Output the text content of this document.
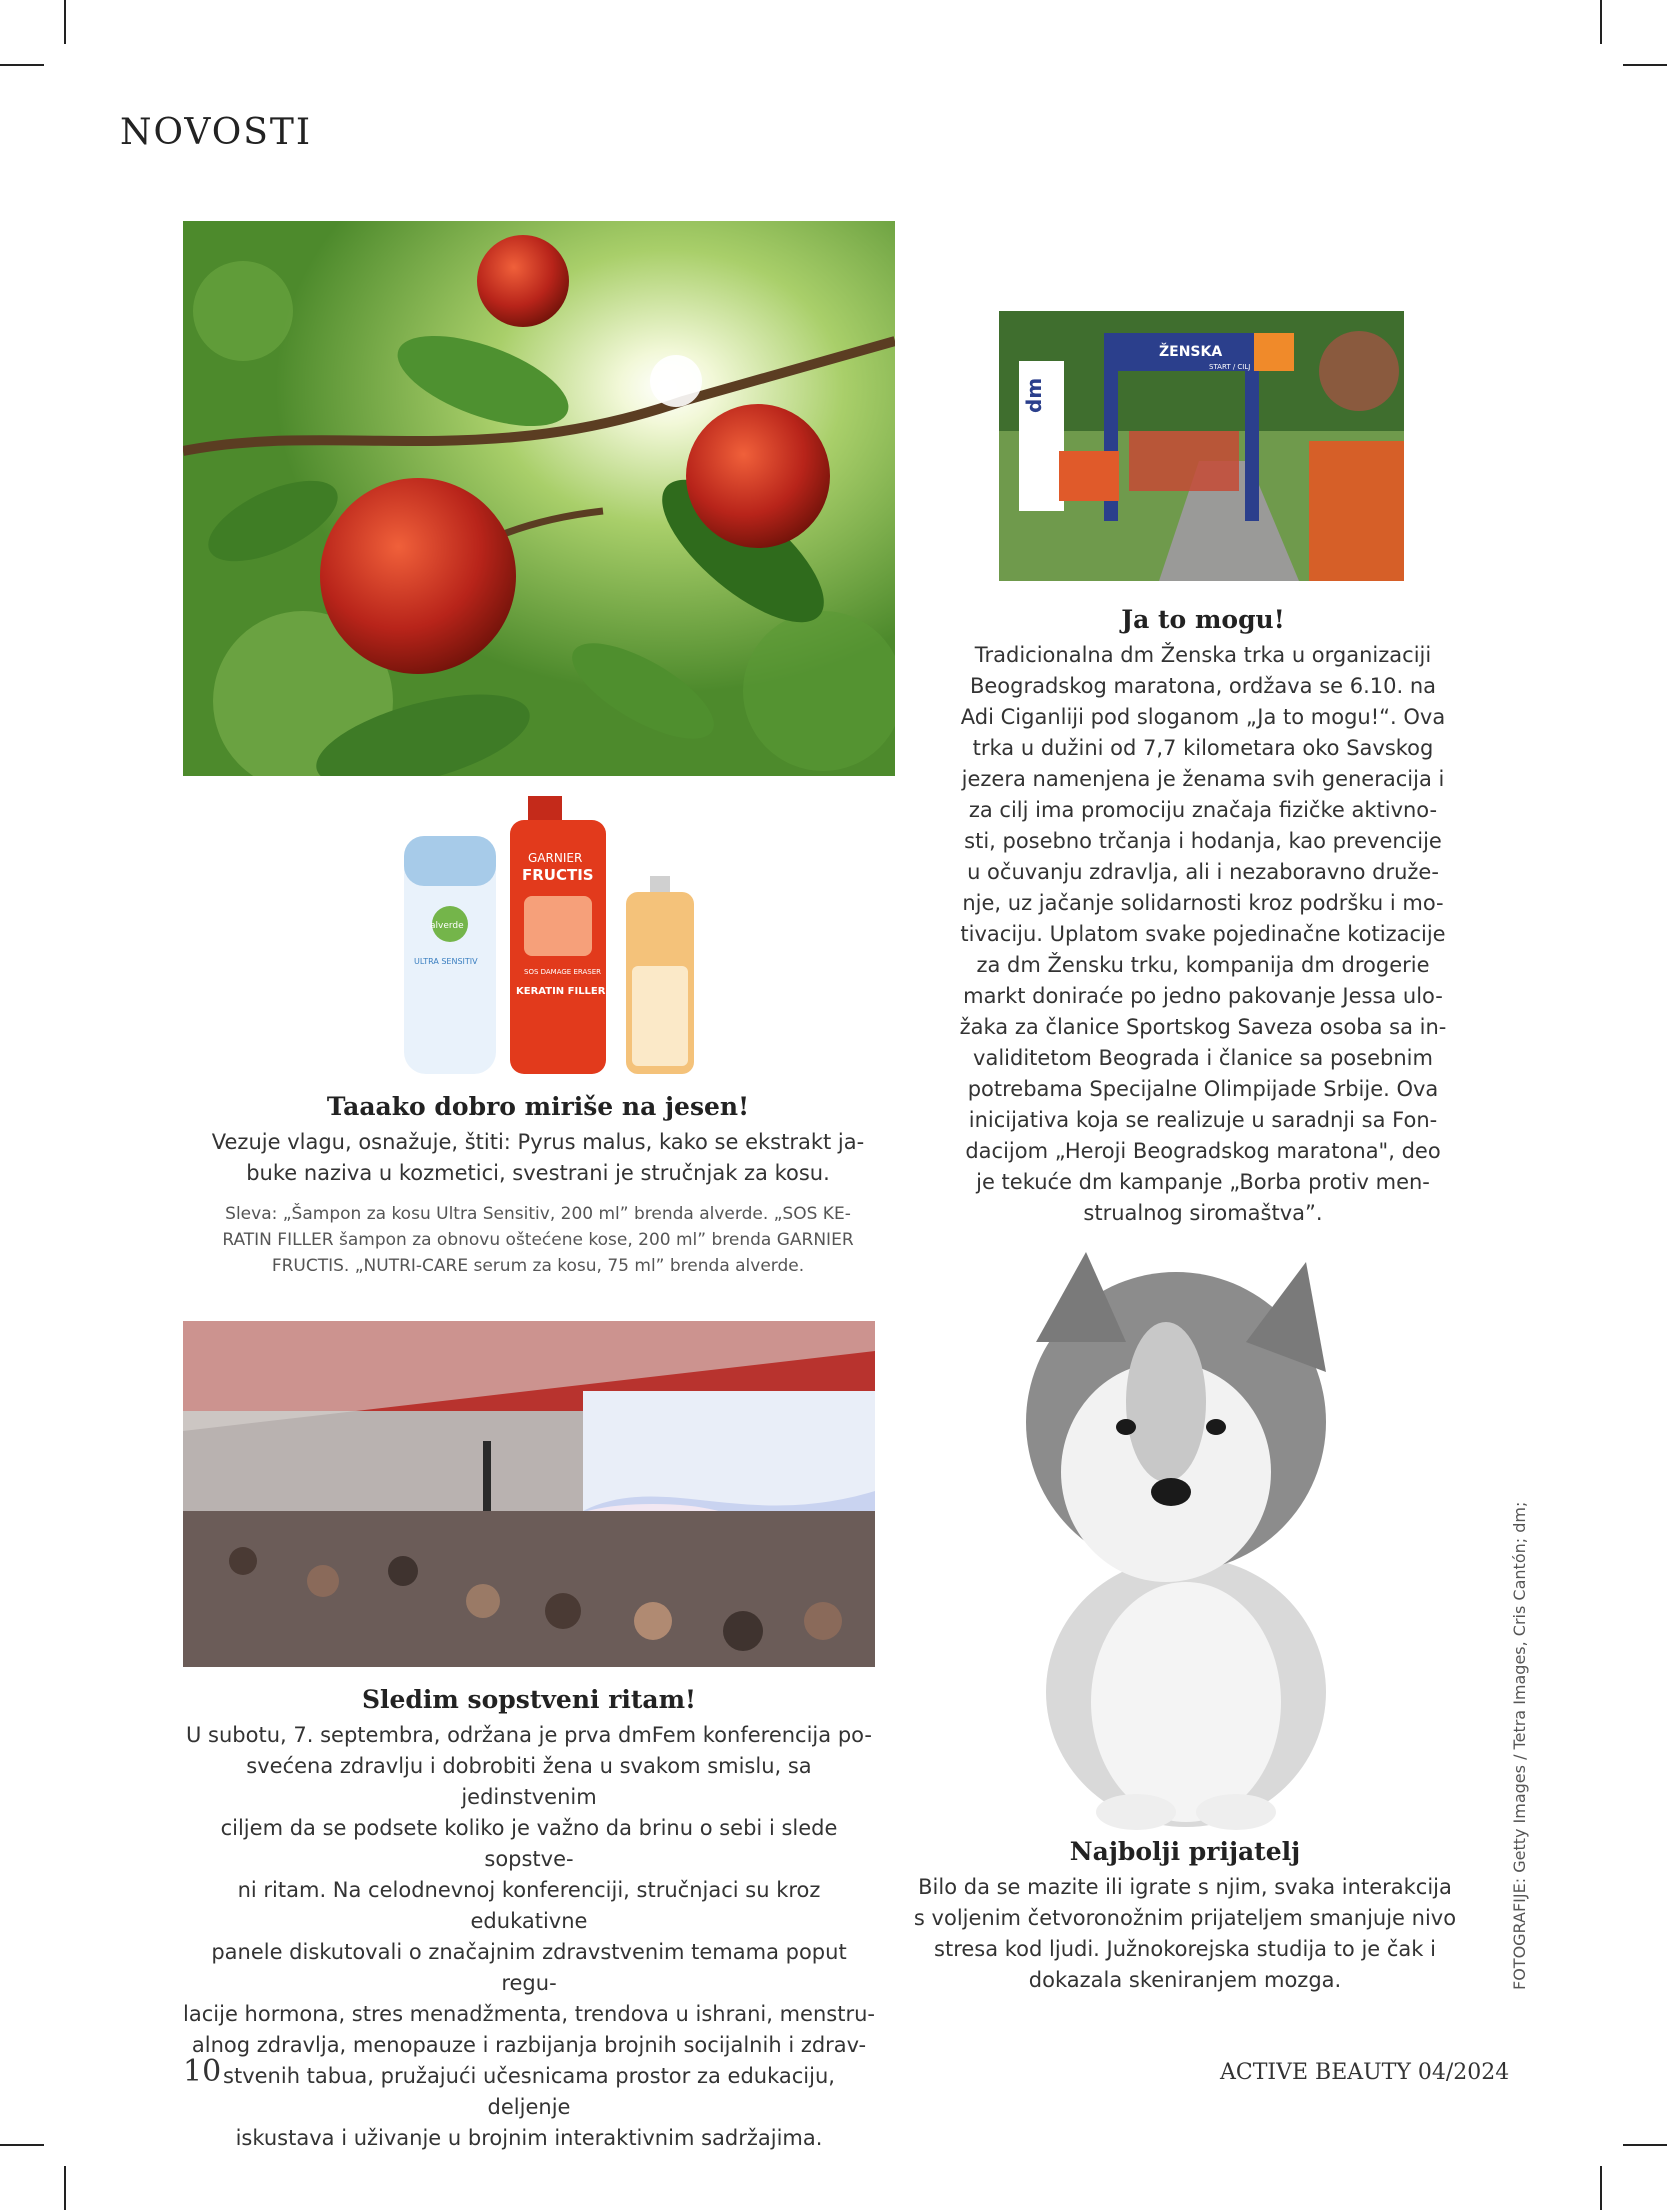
NOVOSTI
ŽENSKA
START / CILJ
dm
alverde
ULTRA SENSITIV
GARNIER
FRUCTIS
SOS DAMAGE ERASER
KERATIN FILLER
Taaako dobro miriše na jesen!

Vezuje vlagu, osnažuje, štiti: Pyrus malus, kako se ekstrakt ja-
buke naziva u kozmetici, svestrani je stručnjak za kosu.

Sleva: „Šampon za kosu Ultra Sensitiv, 200 ml” brenda alverde. „SOS KE-
RATIN FILLER šampon za obnovu oštećene kose, 200 ml” brenda GARNIER
FRUCTIS. „NUTRI-CARE serum za kosu, 75 ml” brenda alverde.

Ja to mogu!

Tradicionalna dm Ženska trka u organizaciji
Beogradskog maratona, ordžava se 6.10. na
Adi Ciganliji pod sloganom „Ja to mogu!“. Ova
trka u dužini od 7,7 kilometara oko Savskog
jezera namenjena je ženama svih generacija i
za cilj ima promociju značaja fizičke aktivno-
sti, posebno trčanja i hodanja, kao prevencije
u očuvanju zdravlja, ali i nezaboravno druže-
nje, uz jačanje solidarnosti kroz podršku i mo-
tivaciju. Uplatom svake pojedinačne kotizacije
za dm Žensku trku, kompanija dm drogerie
markt doniraće po jedno pakovanje Jessa ulo-
žaka za članice Sportskog Saveza osoba sa in-
validitetom Beograda i članice sa posebnim
potrebama Specijalne Olimpijade Srbije. Ova
inicijativa koja se realizuje u saradnji sa Fon-
dacijom „Heroji Beogradskog maratona", deo
je tekuće dm kampanje „Borba protiv men-
strualnog siromaštva”.

Sledim sopstveni ritam!

U subotu, 7. septembra, održana je prva dmFem konferencija po-
svećena zdravlju i dobrobiti žena u svakom smislu, sa jedinstvenim
ciljem da se podsete koliko je važno da brinu o sebi i slede sopstve-
ni ritam. Na celodnevnoj konferenciji, stručnjaci su kroz edukativne
panele diskutovali o značajnim zdravstvenim temama poput regu-
lacije hormona, stres menadžmenta, trendova u ishrani, menstru-
alnog zdravlja, menopauze i razbijanja brojnih socijalnih i zdrav-
stvenih tabua, pružajući učesnicama prostor za edukaciju, deljenje
iskustava i uživanje u brojnim interaktivnim sadržajima.

Najbolji prijatelj

Bilo da se mazite ili igrate s njim, svaka interakcija
s voljenim četvoronožnim prijateljem smanjuje nivo
stresa kod ljudi. Južnokorejska studija to je čak i
dokazala skeniranjem mozga.	FOTOGRAFIJE: Getty Images / Tetra Images, Cris Cantón; dm;
10	ACTIVE BEAUTY 04/2024
